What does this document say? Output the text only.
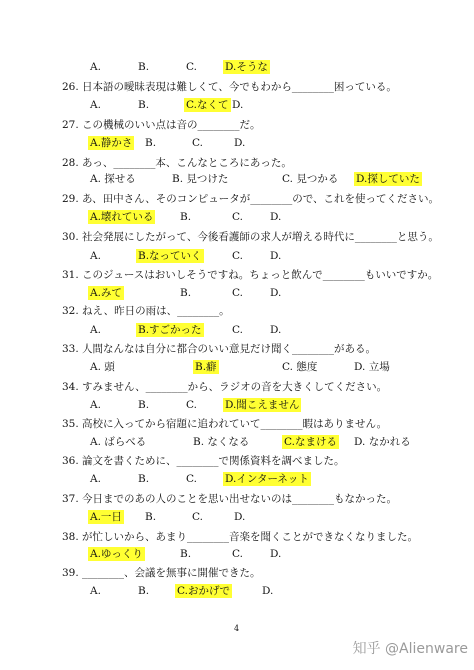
A.	B.	C.	D.そうな
26. 日本語の曖昧表現は難しくて、今でもわから________困っている。
A.	B.	C.なくて D.
27. この機械のいい点は音の________だ。
A.静かさ B.	C.	D.
28. あっ、________本、こんなところにあった。
A. 探せる	B. 見つけた	C. 見つかる D.探していた
29. あ、田中さん、そのコンピュータが________ので、これを使ってください。
A.壊れている	B.	C.	D.
30. 社会発展にしたがって、今後看護師の求人が増える時代に________と思う。
A.	B.なっていく	C.	D.
31. このジュースはおいしそうですね。ちょっと飲んで________もいいですか。
A.みて	B.	C.	D.
32. ねえ、昨日の雨は、________。
A.	B.すごかった	C.	D.
33. 人間なんなは自分に都合のいい意見だけ聞く________がある。
A. 頭	B.癖	C. 態度	D. 立場
34. すみません、________から、ラジオの音を大きくしてください。
A.	B.	C.	D.聞こえません
35. 高校に入ってから宿題に追われていて________暇はありません。
A. ばらべる	B. なくなる	C.なまける D. なかれる
36. 論文を書くために、________で関係資料を調べました。
A.	B.	C.	D.インターネット
37. 今日までのあの人のことを思い出せないのは________もなかった。
A.一日 B.	C.	D.
38. が忙しいから、あまり________音楽を聞くことができなくなりました。
A.ゆっくり	B.	C.	D.
39. ________、会議を無事に開催できた。
A.	B.	C.おかげで	D.
4
知乎 @Alienware
